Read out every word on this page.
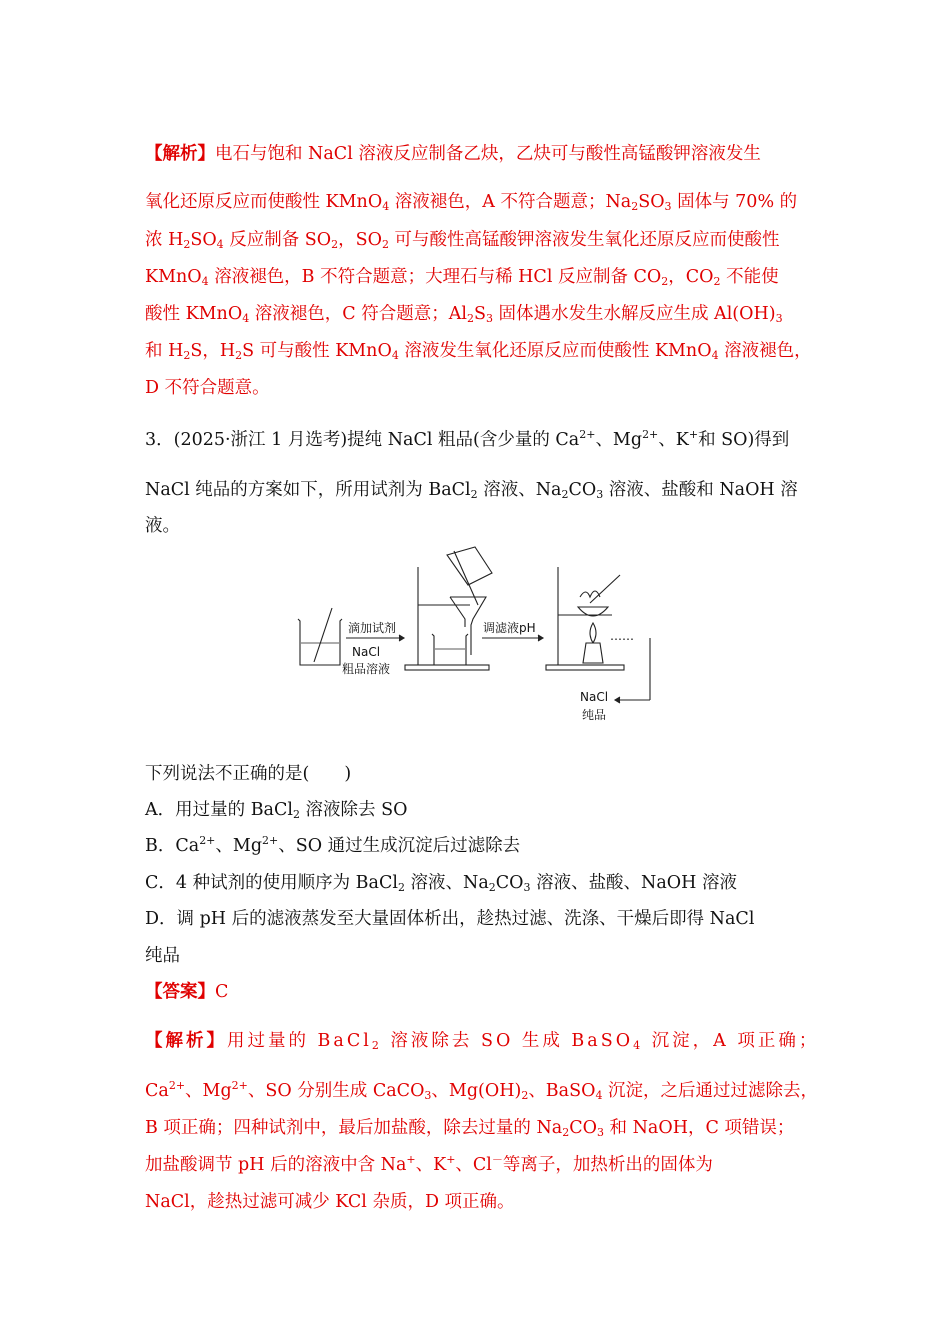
【解析】电石与饱和 NaCl 溶液反应制备乙炔，乙炔可与酸性高锰酸钾溶液发生
氧化还原反应而使酸性 KMnO$_4$ 溶液褪色，A 不符合题意；$Na_2SO_3$ 固体与 70% 的
浓 $H_2SO_4$ 反应制备 $SO_2$，$SO_2$ 可与酸性高锰酸钾溶液发生氧化还原反应而使酸性
KMnO$_4$ 溶液褪色，B 不符合题意；大理石与稀 HCl 反应制备 $CO_2$，$CO_2$ 不能使
酸性 KMnO$_4$ 溶液褪色，C 符合题意；$Al_2S_3$ 固体遇水发生水解反应生成 $Al(OH)_3$
和 $H_2S$，$H_2S$ 可与酸性 KMnO$_4$ 溶液发生氧化还原反应而使酸性 KMnO$_4$ 溶液褪色，
D 不符合题意。
3．(2025·浙江 1 月选考)提纯 NaCl 粗品(含少量的 $Ca^{2+}$、$Mg^{2+}$、K+和 SO)得到
NaCl 纯品的方案如下，所用试剂为 BaCl$_2$ 溶液、$Na_2CO_3$ 溶液、盐酸和 NaOH 溶
液。
滴加试剂
NaCl
粗品溶液
调滤液pH
……
NaCl
纯品
下列说法不正确的是(　　)
A．用过量的 BaCl$_2$ 溶液除去 SO
B．$Ca^{2+}$、$Mg^{2+}$、SO 通过生成沉淀后过滤除去
C．4 种试剂的使用顺序为 BaCl$_2$ 溶液、$Na_2CO_3$ 溶液、盐酸、NaOH 溶液
D．调 pH 后的滤液蒸发至大量固体析出，趁热过滤、洗涤、干燥后即得 NaCl
纯品
【答案】C
【解析】用过量的 BaCl$_2$ 溶液除去 SO 生成 BaSO$_4$ 沉淀，A 项正确；
$Ca^{2+}$、$Mg^{2+}$、SO 分别生成 CaCO$_3$、$Mg(OH)_2$、BaSO$_4$ 沉淀，之后通过过滤除去，
B 项正确；四种试剂中，最后加盐酸，除去过量的 $Na_2CO_3$ 和 NaOH，C 项错误；
加盐酸调节 pH 后的溶液中含 Na+、K+、Cl－等离子，加热析出的固体为
NaCl，趁热过滤可减少 KCl 杂质，D 项正确。
